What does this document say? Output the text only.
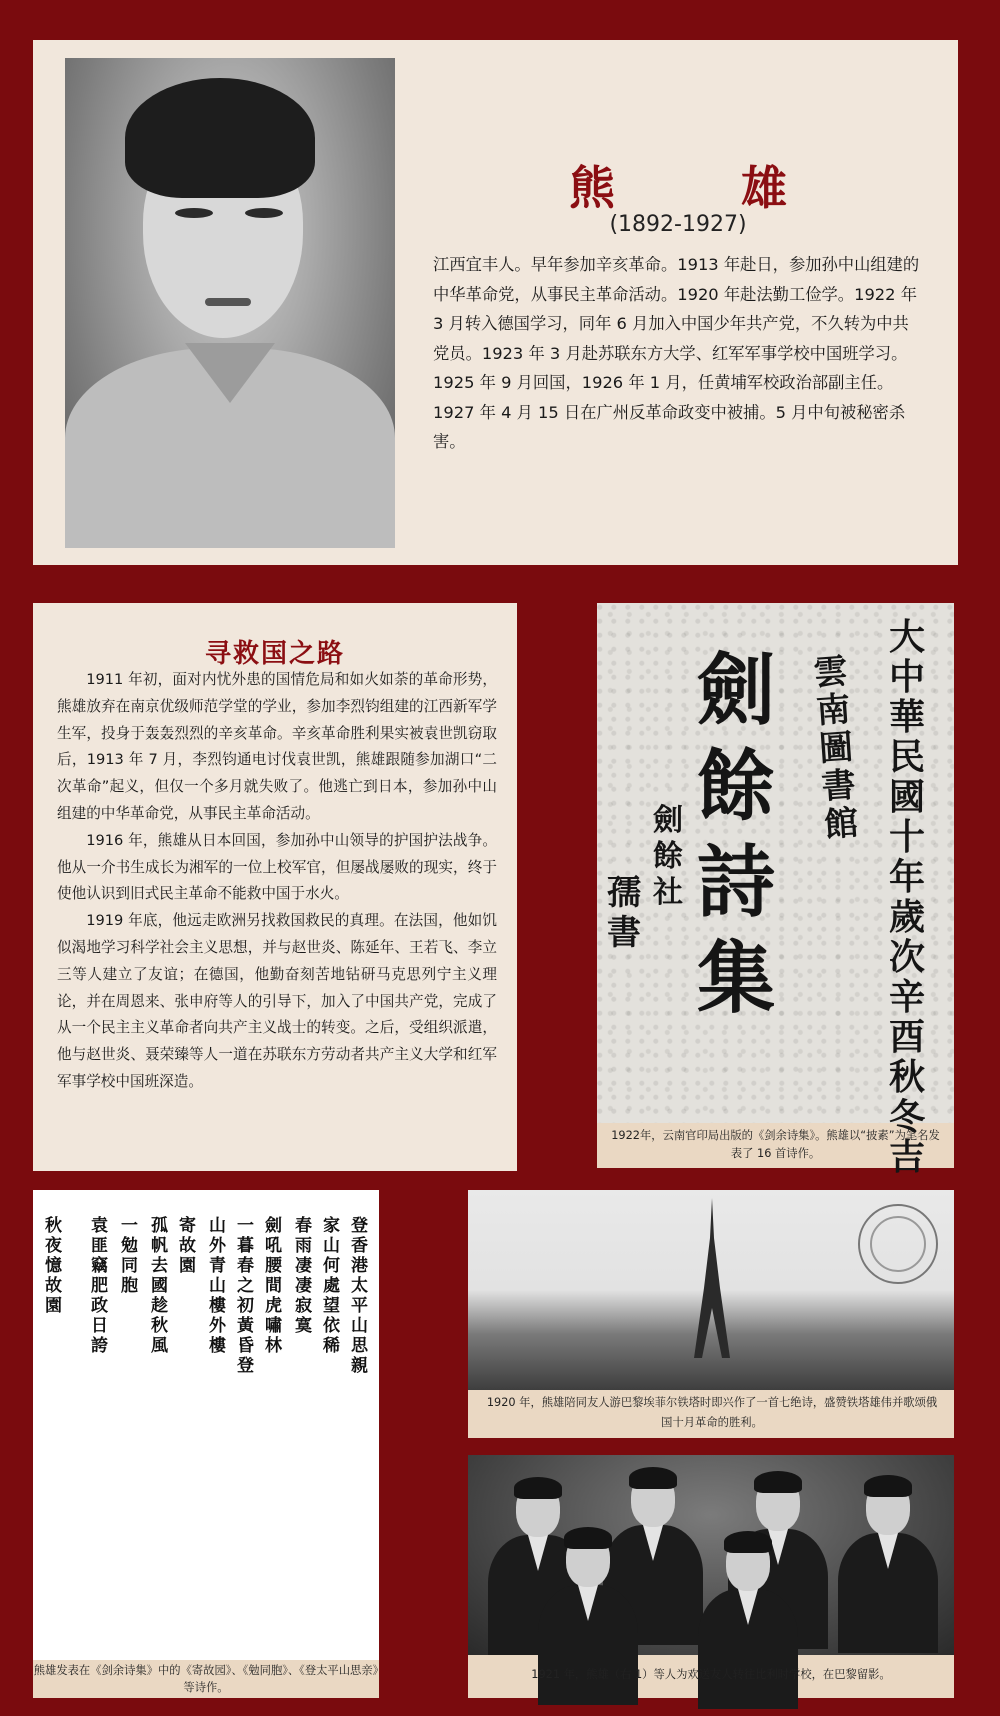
熊　雄
(1892-1927)

江西宜丰人。早年参加辛亥革命。1913 年赴日，参加孙中山组建的中华革命党，从事民主革命活动。1920 年赴法勤工俭学。1922 年 3 月转入德国学习，同年 6 月加入中国少年共产党，不久转为中共党员。1923 年 3 月赴苏联东方大学、红军军事学校中国班学习。1925 年 9 月回国，1926 年 1 月，任黄埔军校政治部副主任。1927 年 4 月 15 日在广州反革命政变中被捕。5 月中旬被秘密杀害。

寻救国之路

1911 年初，面对内忧外患的国情危局和如火如荼的革命形势，熊雄放弃在南京优级师范学堂的学业，参加李烈钧组建的江西新军学生军，投身于轰轰烈烈的辛亥革命。辛亥革命胜利果实被袁世凯窃取后，1913 年 7 月，李烈钧通电讨伐袁世凯，熊雄跟随参加湖口“二次革命”起义，但仅一个多月就失败了。他逃亡到日本，参加孙中山组建的中华革命党，从事民主革命活动。

1916 年，熊雄从日本回国，参加孙中山领导的护国护法战争。他从一介书生成长为湘军的一位上校军官，但屡战屡败的现实，终于使他认识到旧式民主革命不能救中国于水火。

1919 年底，他远走欧洲另找救国救民的真理。在法国，他如饥似渴地学习科学社会主义思想，并与赵世炎、陈延年、王若飞、李立三等人建立了友谊；在德国，他勤奋刻苦地钻研马克思列宁主义理论，并在周恩来、张申府等人的引导下，加入了中国共产党，完成了从一个民主主义革命者向共产主义战士的转变。之后，受组织派遣，他与赵世炎、聂荣臻等人一道在苏联东方劳动者共产主义大学和红军军事学校中国班深造。

大中華民國十年歲次辛酉秋冬吉
雲南圖書館
劍餘詩集
劍餘社
孺書

1922年，云南官印局出版的《剑余诗集》。熊雄以“披素”为笔名发表了 16 首诗作。

登香港太平山思親
家山何處望依稀
春雨凄凄寂寞
劍吼腰間虎嘯林
一暮春之初黃昏登
山外青山樓外樓
寄故園
孤帆去國趁秋風
一勉同胞
袁匪竊肥政日誇
秋夜憶故園

熊雄发表在《剑余诗集》中的《寄故园》、《勉同胞》、《登太平山思亲》等诗作。

1920 年，熊雄陪同友人游巴黎埃菲尔铁塔时即兴作了一首七绝诗，盛赞铁塔雄伟并歌颂俄国十月革命的胜利。

1921 年，熊雄（右 1）等人为欢送友人转往比利时学校，在巴黎留影。
